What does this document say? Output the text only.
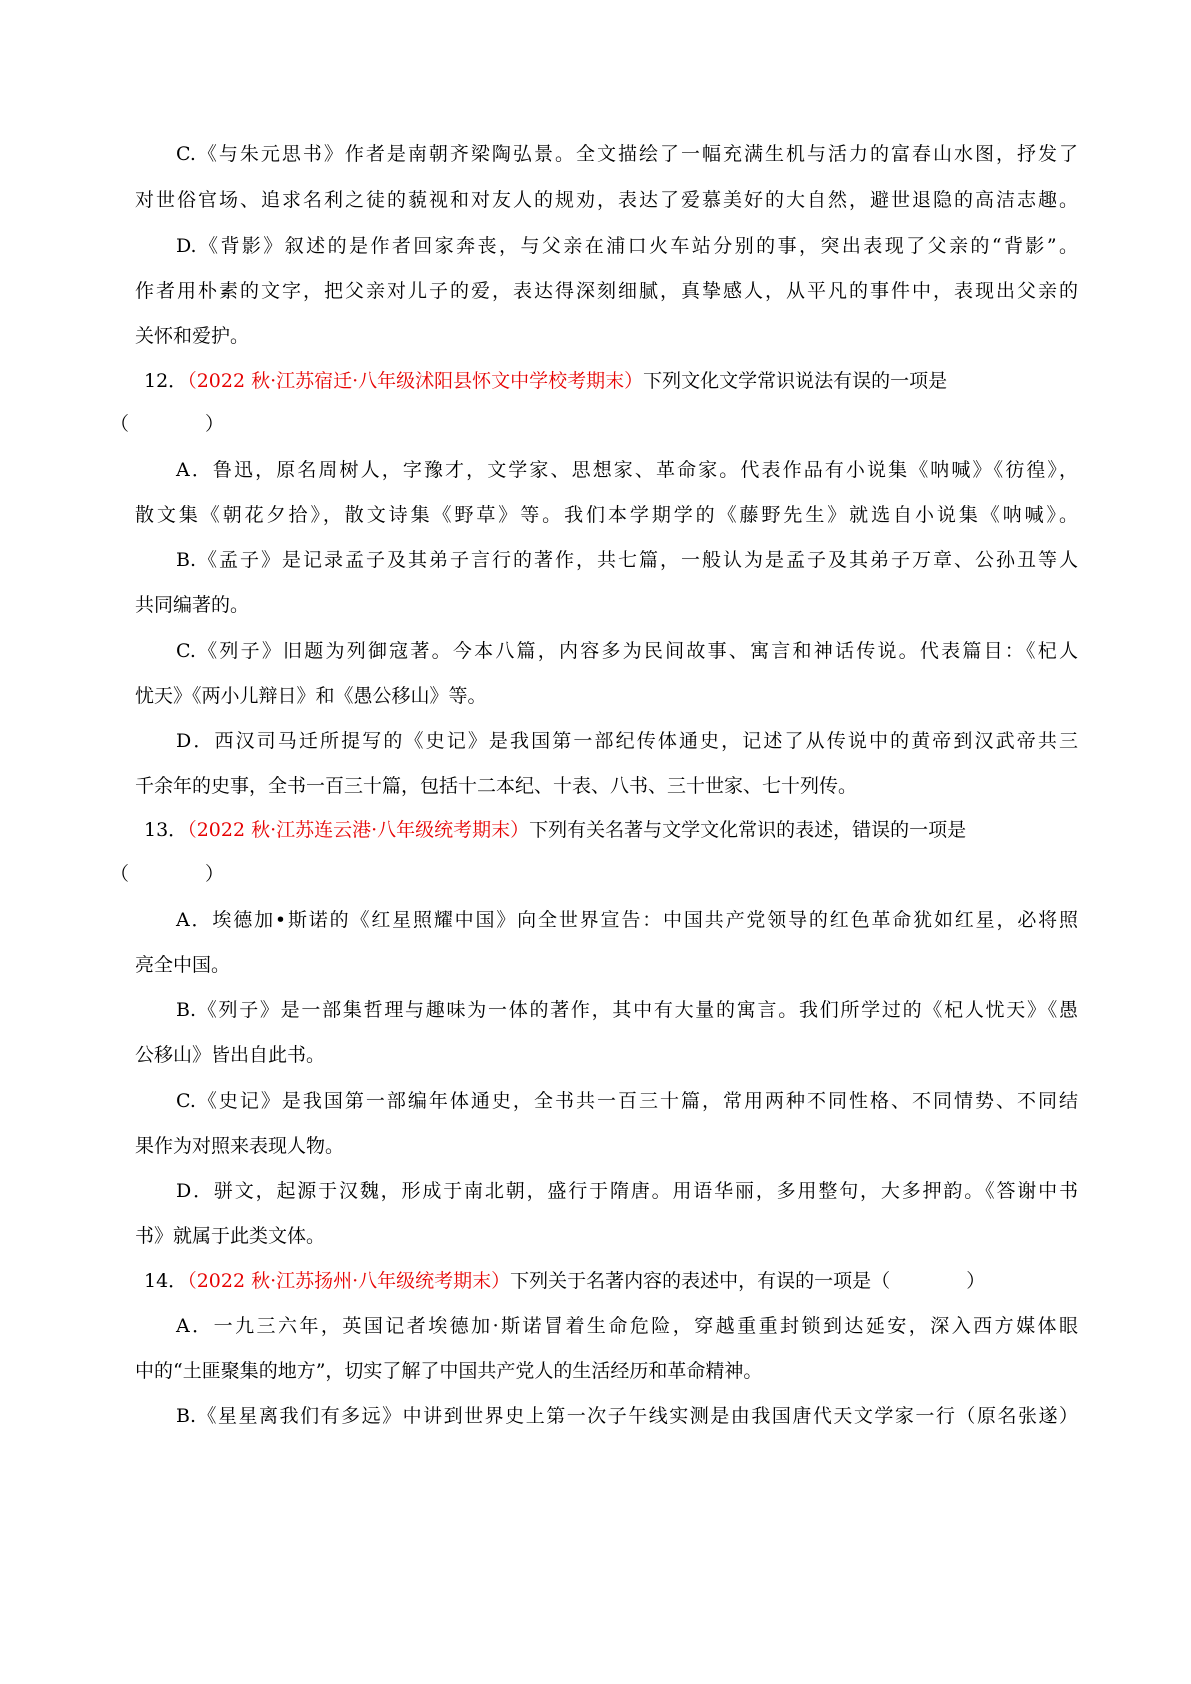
C.《与朱元思书》作者是南朝齐梁陶弘景。全文描绘了一幅充满生机与活力的富春山水图，抒发了
对世俗官场、追求名利之徒的藐视和对友人的规劝，表达了爱慕美好的大自然，避世退隐的高洁志趣。
D.《背影》叙述的是作者回家奔丧，与父亲在浦口火车站分别的事，突出表现了父亲的“背影”。
作者用朴素的文字，把父亲对儿子的爱，表达得深刻细腻，真挚感人，从平凡的事件中，表现出父亲的
关怀和爱护。
12．（2022 秋·江苏宿迁·八年级沭阳县怀文中学校考期末）下列文化文学常识说法有误的一项是
（	）
A．鲁迅，原名周树人，字豫才，文学家、思想家、革命家。代表作品有小说集《呐喊》《彷徨》，
散文集《朝花夕拾》，散文诗集《野草》等。我们本学期学的《藤野先生》就选自小说集《呐喊》。
B.《孟子》是记录孟子及其弟子言行的著作，共七篇，一般认为是孟子及其弟子万章、公孙丑等人
共同编著的。
C.《列子》旧题为列御寇著。今本八篇，内容多为民间故事、寓言和神话传说。代表篇目：《杞人
忧天》《两小儿辩日》和《愚公移山》等。
D．西汉司马迁所提写的《史记》是我国第一部纪传体通史，记述了从传说中的黄帝到汉武帝共三
千余年的史事，全书一百三十篇，包括十二本纪、十表、八书、三十世家、七十列传。
13．（2022 秋·江苏连云港·八年级统考期末）下列有关名著与文学文化常识的表述，错误的一项是
（	）
A．埃德加•斯诺的《红星照耀中国》向全世界宣告：中国共产党领导的红色革命犹如红星，必将照
亮全中国。
B.《列子》是一部集哲理与趣味为一体的著作，其中有大量的寓言。我们所学过的《杞人忧天》《愚
公移山》皆出自此书。
C.《史记》是我国第一部编年体通史，全书共一百三十篇，常用两种不同性格、不同情势、不同结
果作为对照来表现人物。
D．骈文，起源于汉魏，形成于南北朝，盛行于隋唐。用语华丽，多用整句，大多押韵。《答谢中书
书》就属于此类文体。
14．（2022 秋·江苏扬州·八年级统考期末）下列关于名著内容的表述中，有误的一项是（	）
A．一九三六年，英国记者埃德加·斯诺冒着生命危险，穿越重重封锁到达延安，深入西方媒体眼
中的“土匪聚集的地方”，切实了解了中国共产党人的生活经历和革命精神。
B.《星星离我们有多远》中讲到世界史上第一次子午线实测是由我国唐代天文学家一行（原名张遂）
